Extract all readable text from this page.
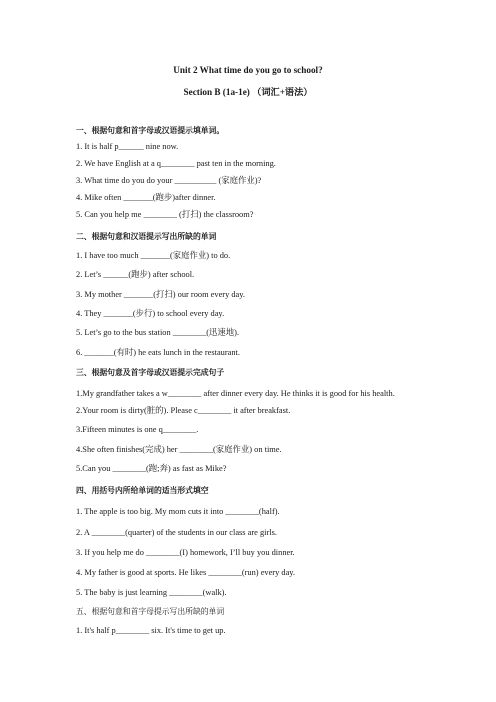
Unit 2 What time do you go to school?
Section B (1a-1e) （词汇+语法）
一、根据句意和首字母或汉语提示填单词。
1. It is half p______ nine now.
2. We have English at a q________ past ten in the morning.
3. What time do you do your __________ (家庭作业)?
4. Mike often _______(跑步)after dinner.
5. Can you help me ________ (打扫) the classroom?
二、根据句意和汉语提示写出所缺的单词
1. I have too much _______(家庭作业) to do.
2. Let’s ______(跑步) after school.
3. My mother _______(打扫) our room every day.
4. They _______(步行) to school every day.
5. Let’s go to the bus station ________(迅速地).
6. _______(有时) he eats lunch in the restaurant.
三、根据句意及首字母或汉语提示完成句子
1.My grandfather takes a w________ after dinner every day. He thinks it is good for his health.
2.Your room is dirty(脏的). Please c________ it after breakfast.
3.Fifteen minutes is one q________.
4.She often finishes(完成) her ________(家庭作业) on time.
5.Can you ________(跑;奔) as fast as Mike?
四、用括号内所给单词的适当形式填空
1. The apple is too big. My mom cuts it into ________(half).
2. A ________(quarter) of the students in our class are girls.
3. If you help me do ________(I) homework, I’ll buy you dinner.
4. My father is good at sports. He likes ________(run) every day.
5. The baby is just learning ________(walk).
五、根据句意和首字母提示写出所缺的单词
1. It's half p________ six. It's time to get up.
